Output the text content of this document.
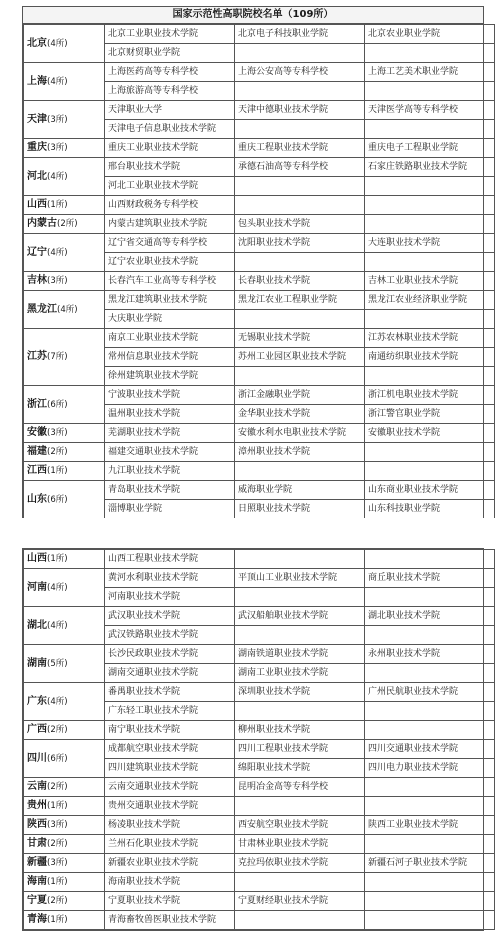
国家示范性高职院校名单（109所）
北京(4所)	北京工业职业技术学院	北京电子科技职业学院	北京农业职业学院
	北京财贸职业学院		
上海(4所)	上海医药高等专科学校	上海公安高等专科学校	上海工艺美术职业学院
	上海旅游高等专科学校		
天津(3所)	天津职业大学	天津中德职业技术学院	天津医学高等专科学校
	天津电子信息职业技术学院		
重庆(3所)	重庆工业职业技术学院	重庆工程职业技术学院	重庆电子工程职业学院
河北(4所)	邢台职业技术学院	承德石油高等专科学校	石家庄铁路职业技术学院
	河北工业职业技术学院		
山西(1所)	山西财政税务专科学校		
内蒙古(2所)	内蒙古建筑职业技术学院	包头职业技术学院	
辽宁(4所)	辽宁省交通高等专科学校	沈阳职业技术学院	大连职业技术学院
	辽宁农业职业技术学院		
吉林(3所)	长春汽车工业高等专科学校	长春职业技术学院	吉林工业职业技术学院
黑龙江(4所)	黑龙江建筑职业技术学院	黑龙江农业工程职业学院	黑龙江农业经济职业学院
	大庆职业学院		
江苏(7所)	南京工业职业技术学院	无锡职业技术学院	江苏农林职业技术学院
	常州信息职业技术学院	苏州工业园区职业技术学院	南通纺织职业技术学院
	徐州建筑职业技术学院		
浙江(6所)	宁波职业技术学院	浙江金融职业学院	浙江机电职业技术学院
	温州职业技术学院	金华职业技术学院	浙江警官职业学院
安徽(3所)	芜湖职业技术学院	安徽水利水电职业技术学院	安徽职业技术学院
福建(2所)	福建交通职业技术学院	漳州职业技术学院	
江西(1所)	九江职业技术学院		
山东(6所)	青岛职业技术学院	威海职业学院	山东商业职业技术学院
	淄博职业学院	日照职业技术学院	山东科技职业学院
山西(1所)	山西工程职业技术学院		
河南(4所)	黄河水利职业技术学院	平顶山工业职业技术学院	商丘职业技术学院
	河南职业技术学院		
湖北(4所)	武汉职业技术学院	武汉船舶职业技术学院	湖北职业技术学院
	武汉铁路职业技术学院		
湖南(5所)	长沙民政职业技术学院	湖南铁道职业技术学院	永州职业技术学院
	湖南交通职业技术学院	湖南工业职业技术学院	
广东(4所)	番禺职业技术学院	深圳职业技术学院	广州民航职业技术学院
	广东轻工职业技术学院		
广西(2所)	南宁职业技术学院	柳州职业技术学院	
四川(6所)	成都航空职业技术学院	四川工程职业技术学院	四川交通职业技术学院
	四川建筑职业技术学院	绵阳职业技术学院	四川电力职业技术学院
云南(2所)	云南交通职业技术学院	昆明冶金高等专科学校	
贵州(1所)	贵州交通职业技术学院		
陕西(3所)	杨凌职业技术学院	西安航空职业技术学院	陕西工业职业技术学院
甘肃(2所)	兰州石化职业技术学院	甘肃林业职业技术学院	
新疆(3所)	新疆农业职业技术学院	克拉玛依职业技术学院	新疆石河子职业技术学院
海南(1所)	海南职业技术学院		
宁夏(2所)	宁夏职业技术学院	宁夏财经职业技术学院	
青海(1所)	青海畜牧兽医职业技术学院		
